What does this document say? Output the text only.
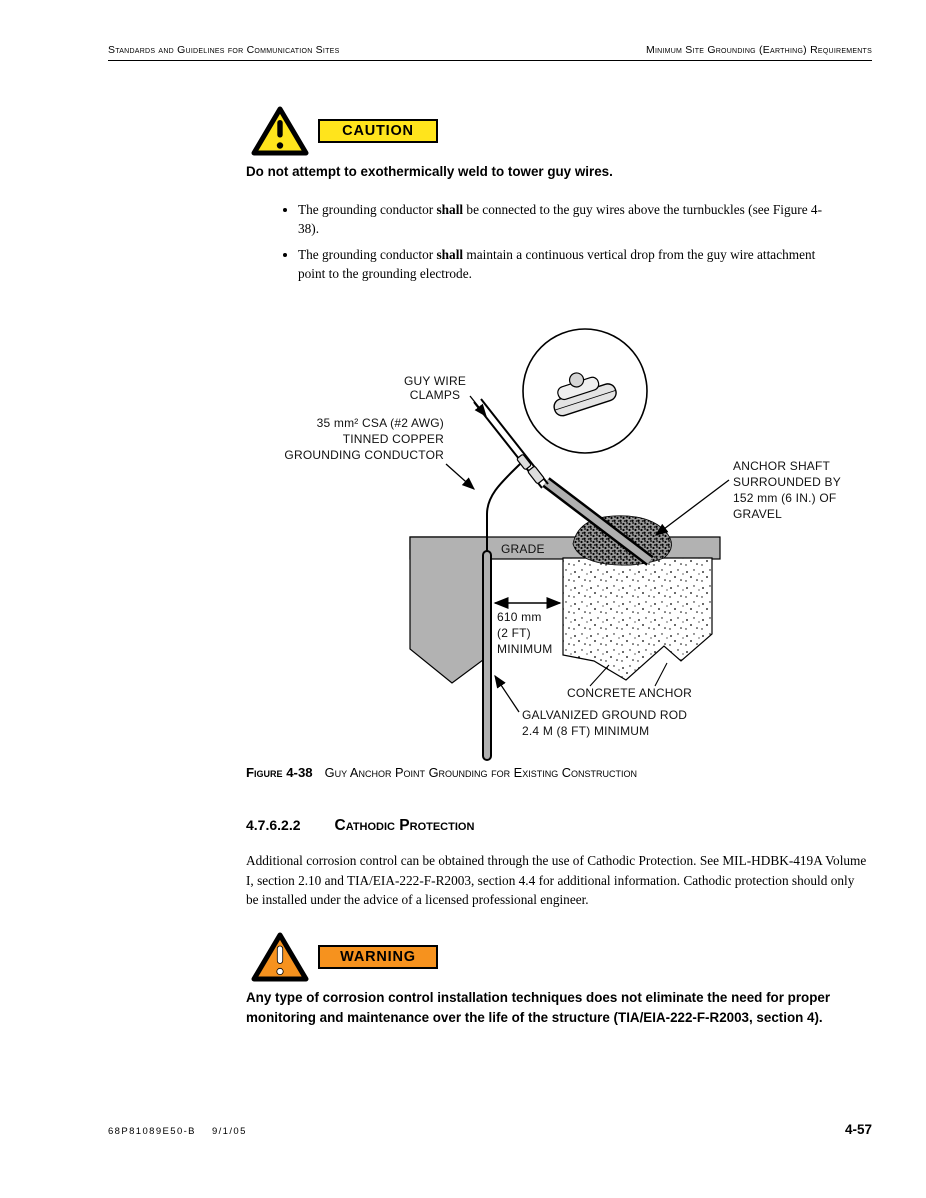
Standards and Guidelines for Communication Sites	Minimum Site Grounding (Earthing) Requirements
CAUTION

Do not attempt to exothermically weld to tower guy wires.

• The grounding conductor shall be connected to the guy wires above the turnbuckles (see Figure 4-38).
• The grounding conductor shall maintain a continuous vertical drop from the guy wire attachment point to the grounding electrode.
GUY WIRE
CLAMPS
35 mm² CSA (#2 AWG)
TINNED COPPER
GROUNDING CONDUCTOR
ANCHOR SHAFT
SURROUNDED BY
152 mm (6 IN.) OF
GRAVEL
GRADE
610 mm
(2 FT)
MINIMUM
CONCRETE ANCHOR
GALVANIZED GROUND ROD
2.4 M (8 FT) MINIMUM

Figure 4-38 Guy Anchor Point Grounding for Existing Construction

4.7.6.2.2 Cathodic Protection

Additional corrosion control can be obtained through the use of Cathodic Protection. See MIL-HDBK-419A Volume I, section 2.10 and TIA/EIA-222-F-R2003, section 4.4 for additional information. Cathodic protection should only be installed under the advice of a licensed professional engineer.

WARNING

Any type of corrosion control installation techniques does not eliminate the need for proper monitoring and maintenance over the life of the structure (TIA/EIA-222-F-R2003, section 4).

68P81089E50-B 9/1/05	4-57
